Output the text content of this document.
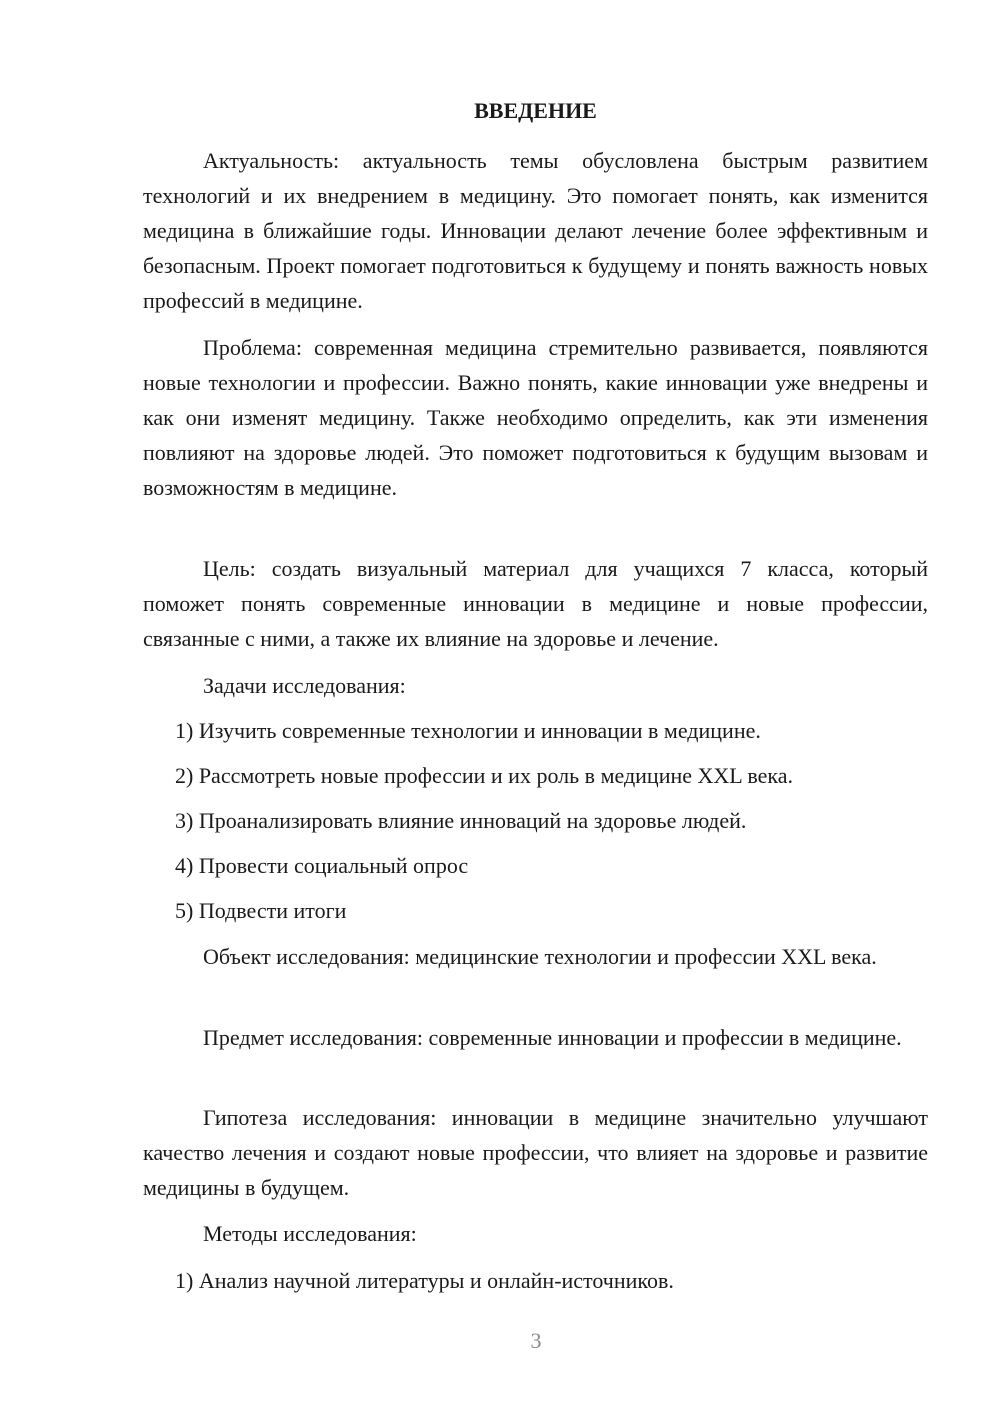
ВВЕДЕНИЕ

Актуальность: актуальность темы обусловлена быстрым развитием технологий и их внедрением в медицину. Это помогает понять, как изменится медицина в ближайшие годы. Инновации делают лечение более эффективным и безопасным. Проект помогает подготовиться к будущему и понять важность новых профессий в медицине.

Проблема: современная медицина стремительно развивается, появляются новые технологии и профессии. Важно понять, какие инновации уже внедрены и как они изменят медицину. Также необходимо определить, как эти изменения повлияют на здоровье людей. Это поможет подготовиться к будущим вызовам и возможностям в медицине.

Цель: создать визуальный материал для учащихся 7 класса, который поможет понять современные инновации в медицине и новые профессии, связанные с ними, а также их влияние на здоровье и лечение.

Задачи исследования:

1) Изучить современные технологии и инновации в медицине.

2) Рассмотреть новые профессии и их роль в медицине XXL века.

3) Проанализировать влияние инноваций на здоровье людей.

4) Провести социальный опрос

5) Подвести итоги

Объект исследования: медицинские технологии и профессии XXL века.

Предмет исследования: современные инновации и профессии в медицине.

Гипотеза исследования: инновации в медицине значительно улучшают качество лечения и создают новые профессии, что влияет на здоровье и развитие медицины в будущем.

Методы исследования:

1) Анализ научной литературы и онлайн-источников.

3
